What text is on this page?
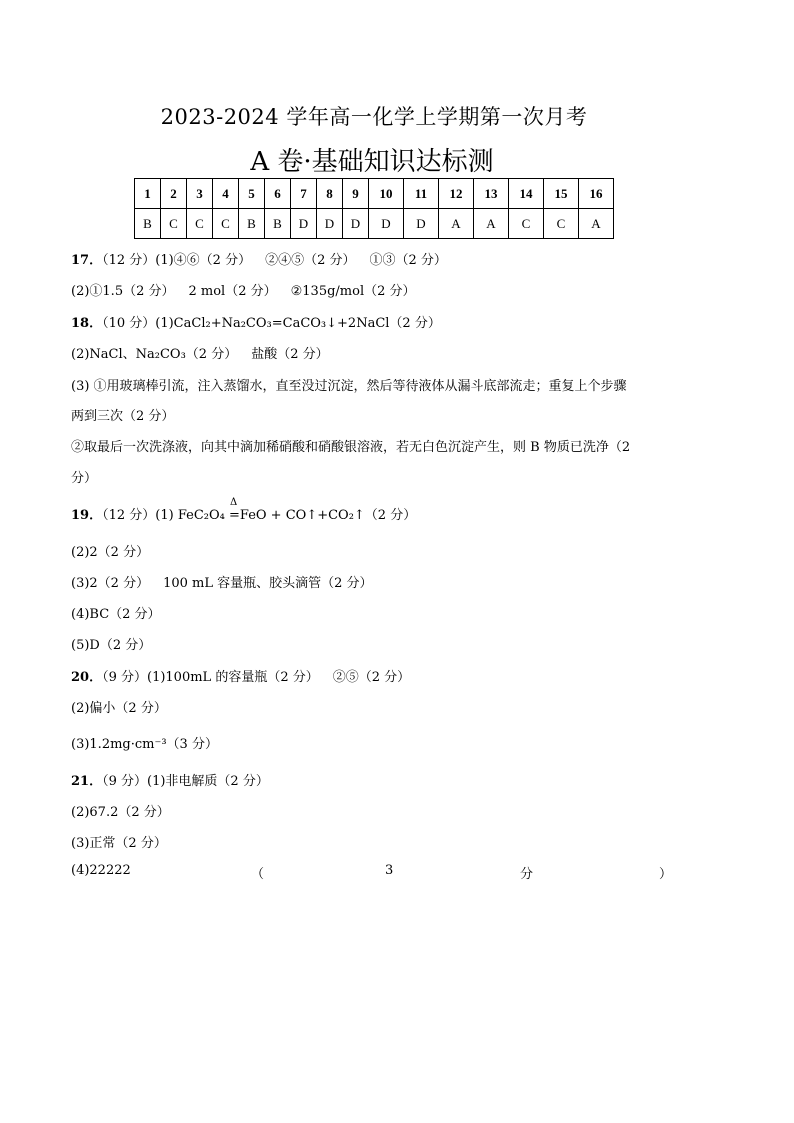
2023-2024 学年高一化学上学期第一次月考
A 卷·基础知识达标测
1	2	3	4	5	6	7	8	9	10	11	12	13	14	15	16
B	C	C	C	B	B	D	D	D	D	D	A	A	C	C	A
17．（12 分）(1)④⑥（2 分） ②④⑤（2 分） ①③（2 分）
(2)①1.5（2 分） 2 mol（2 分） ②135g/mol（2 分）
18．（10 分）(1)CaCl₂+Na₂CO₃=CaCO₃↓+2NaCl（2 分）
(2)NaCl、Na₂CO₃（2 分） 盐酸（2 分）
(3) ①用玻璃棒引流，注入蒸馏水，直至没过沉淀，然后等待液体从漏斗底部流走；重复上个步骤
两到三次（2 分）
②取最后一次洗涤液，向其中滴加稀硝酸和硝酸银溶液，若无白色沉淀产生，则 B 物质已洗净（2
分）
19．（12 分）(1) FeC₂O₄
Δ
=FeO + CO↑+CO₂↑（2 分）
(2)2（2 分）
(3)2（2 分） 100 mL 容量瓶、胶头滴管（2 分）
(4)BC（2 分）
(5)D（2 分）
20．（9 分）(1)100mL 的容量瓶（2 分） ②⑤（2 分）
(2)偏小（2 分）
(3)1.2mg·cm⁻³（3 分）
21．（9 分）(1)非电解质（2 分）
(2)67.2（2 分）
(3)正常（2 分）
(4)22222	（	3	分	）
